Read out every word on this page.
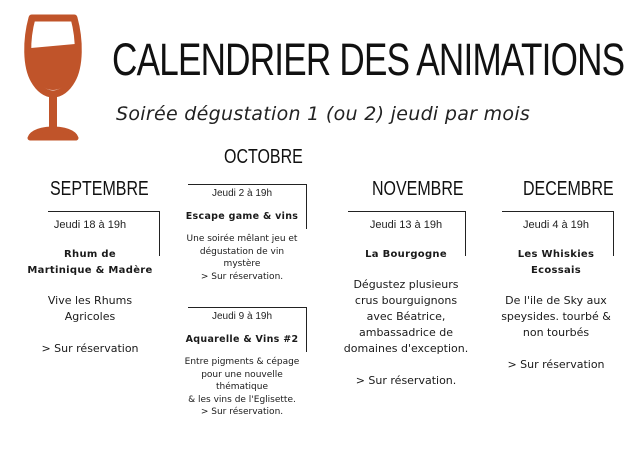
CALENDRIER DES ANIMATIONS
Soirée dégustation 1 (ou 2) jeudi par mois
SEPTEMBRE
OCTOBRE
NOVEMBRE	DECEMBRE
Jeudi 18 à 19h
Rhum de
Martinique & Madère
Vive les Rhums
Agricoles
> Sur réservation
Jeudi 2 à 19h
Escape game & vins
Une soirée mêlant jeu et
dégustation de vin
mystère
> Sur réservation.
Jeudi 9 à 19h
Aquarelle & Vins #2
Entre pigments & cépage
pour une nouvelle
thématique
& les vins de l'Eglisette.
> Sur réservation.
Jeudi 13 à 19h
La Bourgogne
Dégustez plusieurs
crus bourguignons
avec Béatrice,
ambassadrice de
domaines d'exception.
> Sur réservation.
Jeudi 4 à 19h
Les Whiskies
Ecossais
De l'ile de Sky aux
speysides. tourbé &
non tourbés
> Sur réservation
